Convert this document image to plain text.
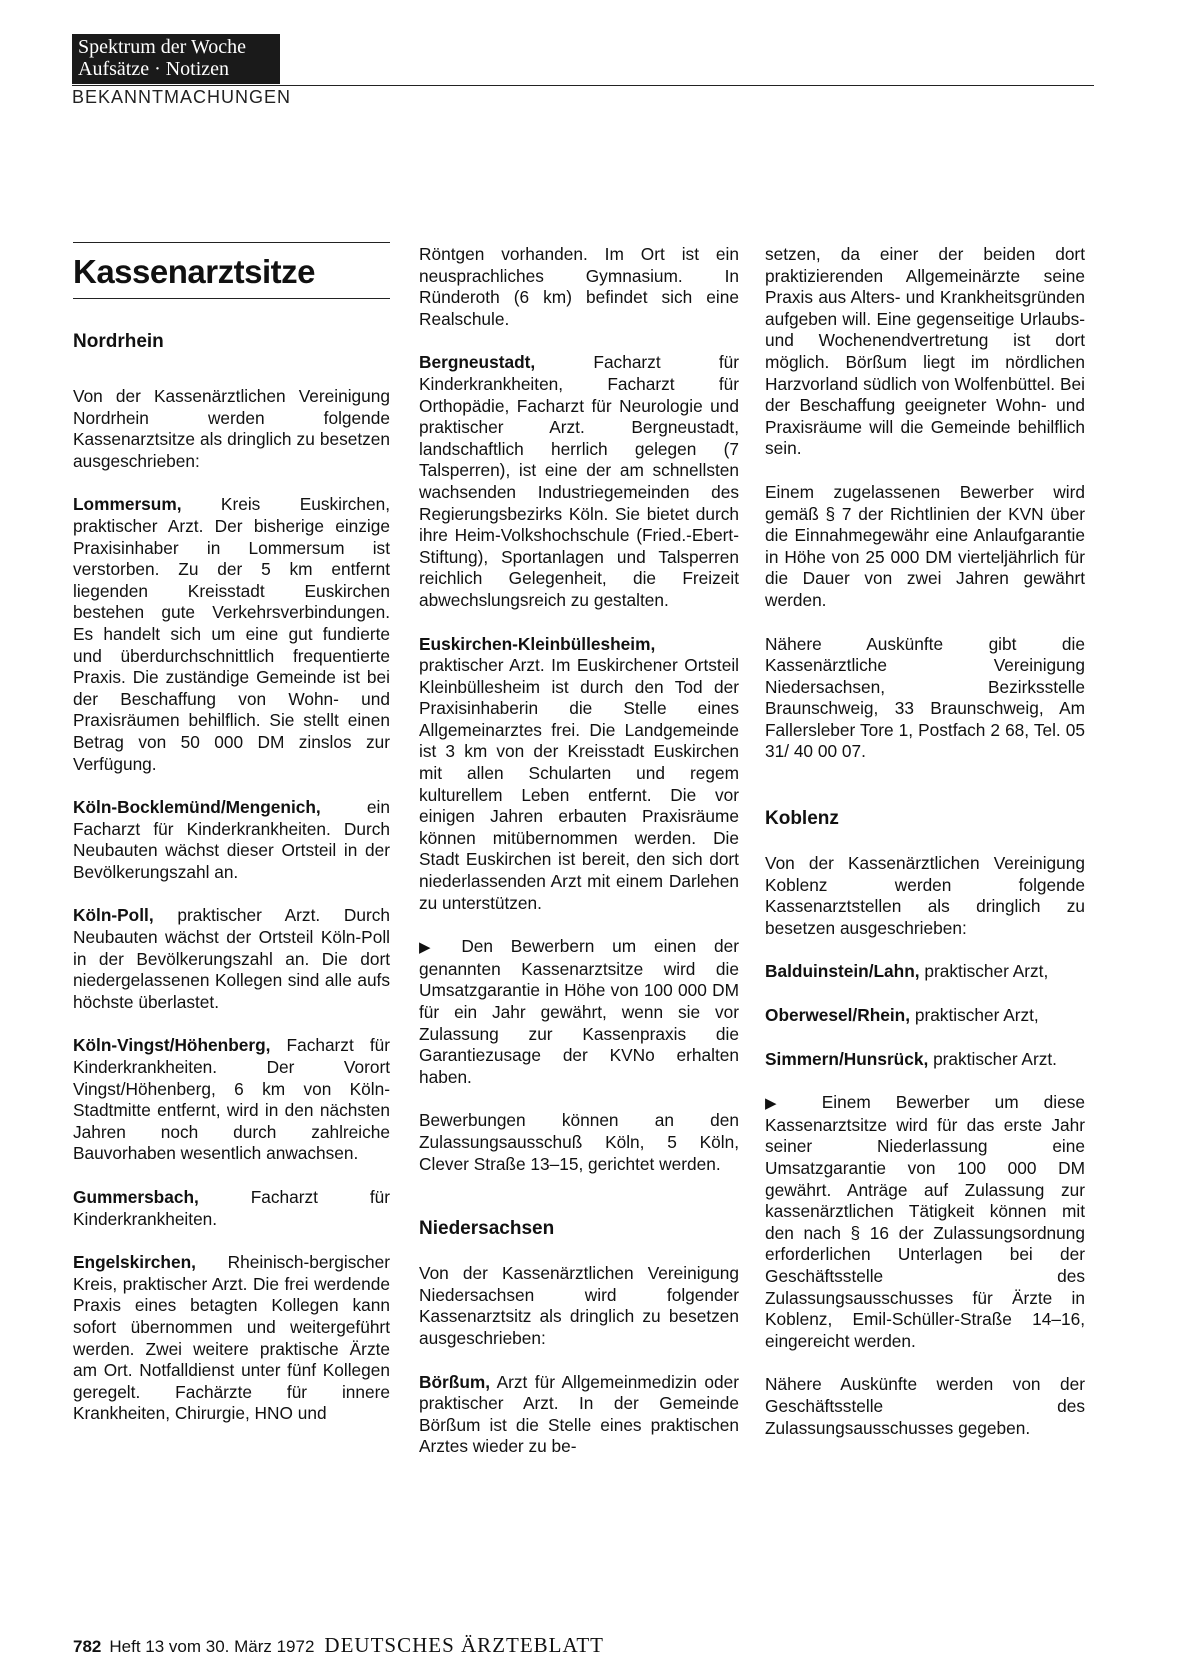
Spektrum der Woche
Aufsätze · Notizen
BEKANNTMACHUNGEN
Kassenarztsitze
Nordrhein

Von der Kassenärztlichen Vereinigung Nordrhein werden folgende Kassenarztsitze als dringlich zu besetzen ausgeschrieben:

Lommersum, Kreis Euskirchen, praktischer Arzt. Der bisherige einzige Praxisinhaber in Lommersum ist verstorben. Zu der 5 km entfernt liegenden Kreisstadt Euskirchen bestehen gute Verkehrsverbindungen. Es handelt sich um eine gut fundierte und überdurchschnittlich frequentierte Praxis. Die zuständige Gemeinde ist bei der Beschaffung von Wohn- und Praxisräumen behilflich. Sie stellt einen Betrag von 50 000 DM zinslos zur Verfügung.

Köln-Bocklemünd/Mengenich, ein Facharzt für Kinderkrankheiten. Durch Neubauten wächst dieser Ortsteil in der Bevölkerungszahl an.

Köln-Poll, praktischer Arzt. Durch Neubauten wächst der Ortsteil Köln-Poll in der Bevölkerungszahl an. Die dort niedergelassenen Kollegen sind alle aufs höchste überlastet.

Köln-Vingst/Höhenberg, Facharzt für Kinderkrankheiten. Der Vorort Vingst/Höhenberg, 6 km von Köln-Stadtmitte entfernt, wird in den nächsten Jahren noch durch zahlreiche Bauvorhaben wesentlich anwachsen.

Gummersbach, Facharzt für Kinderkrankheiten.

Engelskirchen, Rheinisch-bergischer Kreis, praktischer Arzt. Die frei werdende Praxis eines betagten Kollegen kann sofort übernommen und weitergeführt werden. Zwei weitere praktische Ärzte am Ort. Notfalldienst unter fünf Kollegen geregelt. Fachärzte für innere Krankheiten, Chirurgie, HNO und

Röntgen vorhanden. Im Ort ist ein neusprachliches Gymnasium. In Ründeroth (6 km) befindet sich eine Realschule.

Bergneustadt, Facharzt für Kinderkrankheiten, Facharzt für Orthopädie, Facharzt für Neurologie und praktischer Arzt. Bergneustadt, landschaftlich herrlich gelegen (7 Talsperren), ist eine der am schnellsten wachsenden Industriegemeinden des Regierungsbezirks Köln. Sie bietet durch ihre Heim-Volkshochschule (Fried.-Ebert-Stiftung), Sportanlagen und Talsperren reichlich Gelegenheit, die Freizeit abwechslungsreich zu gestalten.

Euskirchen-Kleinbüllesheim, praktischer Arzt. Im Euskirchener Ortsteil Kleinbüllesheim ist durch den Tod der Praxisinhaberin die Stelle eines Allgemeinarztes frei. Die Landgemeinde ist 3 km von der Kreisstadt Euskirchen mit allen Schularten und regem kulturellem Leben entfernt. Die vor einigen Jahren erbauten Praxisräume können mitübernommen werden. Die Stadt Euskirchen ist bereit, den sich dort niederlassenden Arzt mit einem Darlehen zu unterstützen.

▶ Den Bewerbern um einen der genannten Kassenarztsitze wird die Umsatzgarantie in Höhe von 100 000 DM für ein Jahr gewährt, wenn sie vor Zulassung zur Kassenpraxis die Garantiezusage der KVNo erhalten haben.

Bewerbungen können an den Zulassungsausschuß Köln, 5 Köln, Clever Straße 13–15, gerichtet werden.

Niedersachsen

Von der Kassenärztlichen Vereinigung Niedersachsen wird folgender Kassenarztsitz als dringlich zu besetzen ausgeschrieben:

Börßum, Arzt für Allgemeinmedizin oder praktischer Arzt. In der Gemeinde Börßum ist die Stelle eines praktischen Arztes wieder zu be-

setzen, da einer der beiden dort praktizierenden Allgemeinärzte seine Praxis aus Alters- und Krankheitsgründen aufgeben will. Eine gegenseitige Urlaubs- und Wochenendvertretung ist dort möglich. Börßum liegt im nördlichen Harzvorland südlich von Wolfenbüttel. Bei der Beschaffung geeigneter Wohn- und Praxisräume will die Gemeinde behilflich sein.

Einem zugelassenen Bewerber wird gemäß § 7 der Richtlinien der KVN über die Einnahmegewähr eine Anlaufgarantie in Höhe von 25 000 DM vierteljährlich für die Dauer von zwei Jahren gewährt werden.

Nähere Auskünfte gibt die Kassenärztliche Vereinigung Niedersachsen, Bezirksstelle Braunschweig, 33 Braunschweig, Am Fallersleber Tore 1, Postfach 2 68, Tel. 05 31/ 40 00 07.

Koblenz

Von der Kassenärztlichen Vereinigung Koblenz werden folgende Kassenarztstellen als dringlich zu besetzen ausgeschrieben:

Balduinstein/Lahn, praktischer Arzt,

Oberwesel/Rhein, praktischer Arzt,

Simmern/Hunsrück, praktischer Arzt.

▶ Einem Bewerber um diese Kassenarztsitze wird für das erste Jahr seiner Niederlassung eine Umsatzgarantie von 100 000 DM gewährt. Anträge auf Zulassung zur kassenärztlichen Tätigkeit können mit den nach § 16 der Zulassungsordnung erforderlichen Unterlagen bei der Geschäftsstelle des Zulassungsausschusses für Ärzte in Koblenz, Emil-Schüller-Straße 14–16, eingereicht werden.

Nähere Auskünfte werden von der Geschäftsstelle des Zulassungsausschusses gegeben.

782 Heft 13 vom 30. März 1972 DEUTSCHES ÄRZTEBLATT
